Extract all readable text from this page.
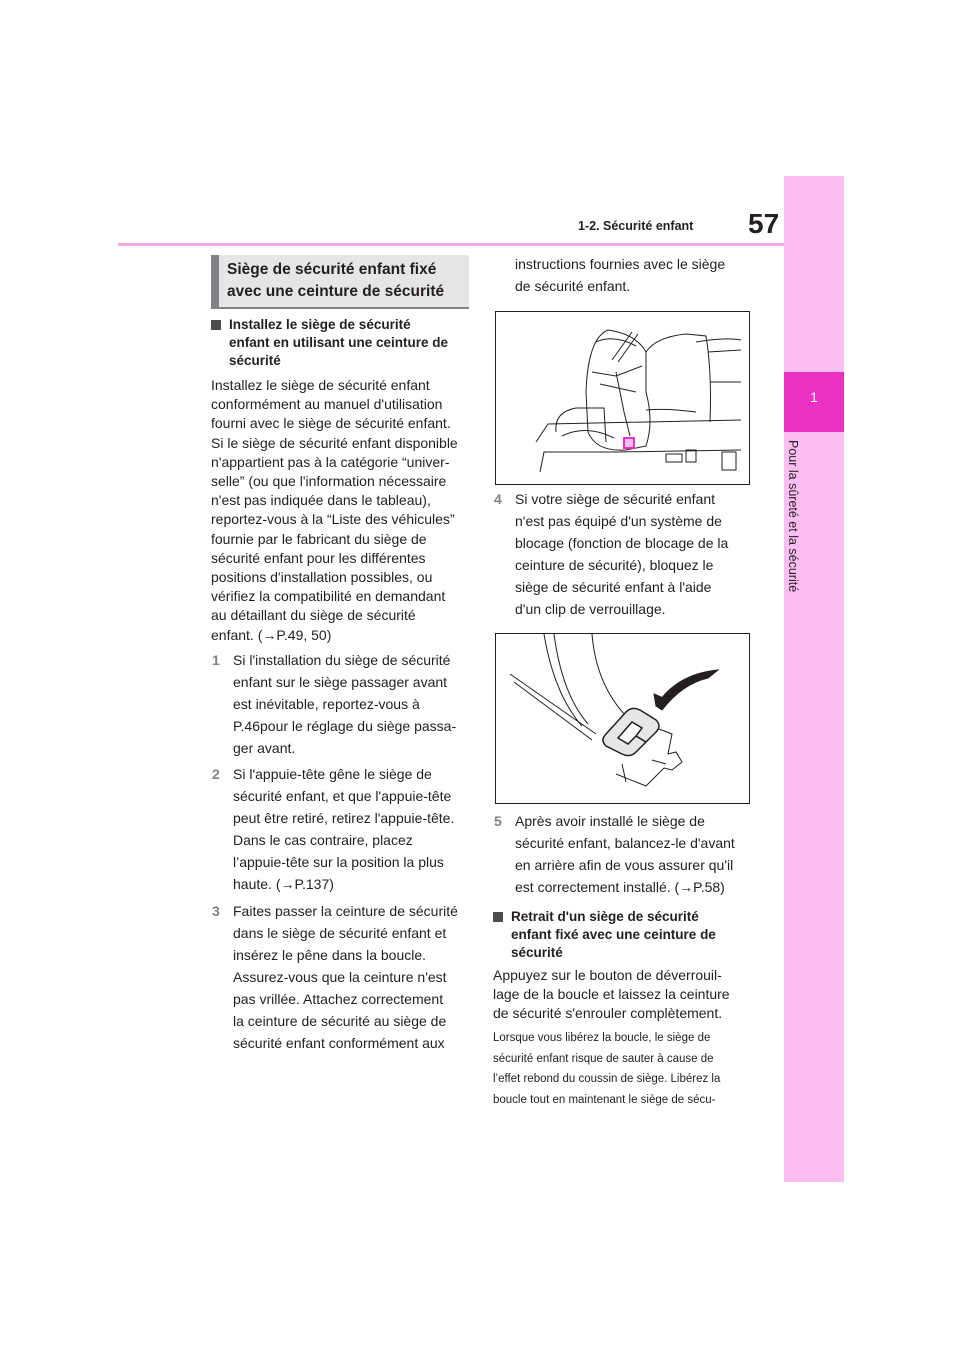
1-2. Sécurité enfant 57
1
Pour la sûreté et la sécurité
Siège de sécurité enfant fixé
avec une ceinture de sécurité
Installez le siège de sécurité
enfant en utilisant une ceinture de
sécurité
Installez le siège de sécurité enfant
conformément au manuel d'utilisation
fourni avec le siège de sécurité enfant.
Si le siège de sécurité enfant disponible
n'appartient pas à la catégorie “univer-
selle” (ou que l'information nécessaire
n'est pas indiquée dans le tableau),
reportez-vous à la “Liste des véhicules”
fournie par le fabricant du siège de
sécurité enfant pour les différentes
positions d'installation possibles, ou
vérifiez la compatibilité en demandant
au détaillant du siège de sécurité
enfant. (→P.49, 50)
1 Si l'installation du siège de sécurité
enfant sur le siège passager avant
est inévitable, reportez-vous à
P.46pour le réglage du siège passa-
ger avant.
2 Si l'appuie-tête gêne le siège de
sécurité enfant, et que l'appuie-tête
peut être retiré, retirez l'appuie-tête.
Dans le cas contraire, placez
l’appuie-tête sur la position la plus
haute. (→P.137)
3 Faites passer la ceinture de sécurité
dans le siège de sécurité enfant et
insérez le pêne dans la boucle.
Assurez-vous que la ceinture n'est
pas vrillée. Attachez correctement
la ceinture de sécurité au siège de
sécurité enfant conformément aux
instructions fournies avec le siège
de sécurité enfant.
4 Si votre siège de sécurité enfant
n'est pas équipé d'un système de
blocage (fonction de blocage de la
ceinture de sécurité), bloquez le
siège de sécurité enfant à l'aide
d'un clip de verrouillage.
5 Après avoir installé le siège de
sécurité enfant, balancez-le d'avant
en arrière afin de vous assurer qu'il
est correctement installé. (→P.58)
Retrait d'un siège de sécurité
enfant fixé avec une ceinture de
sécurité
Appuyez sur le bouton de déverrouil-
lage de la boucle et laissez la ceinture
de sécurité s'enrouler complètement.
Lorsque vous libérez la boucle, le siège de
sécurité enfant risque de sauter à cause de
l’effet rebond du coussin de siège. Libérez la
boucle tout en maintenant le siège de sécu-
